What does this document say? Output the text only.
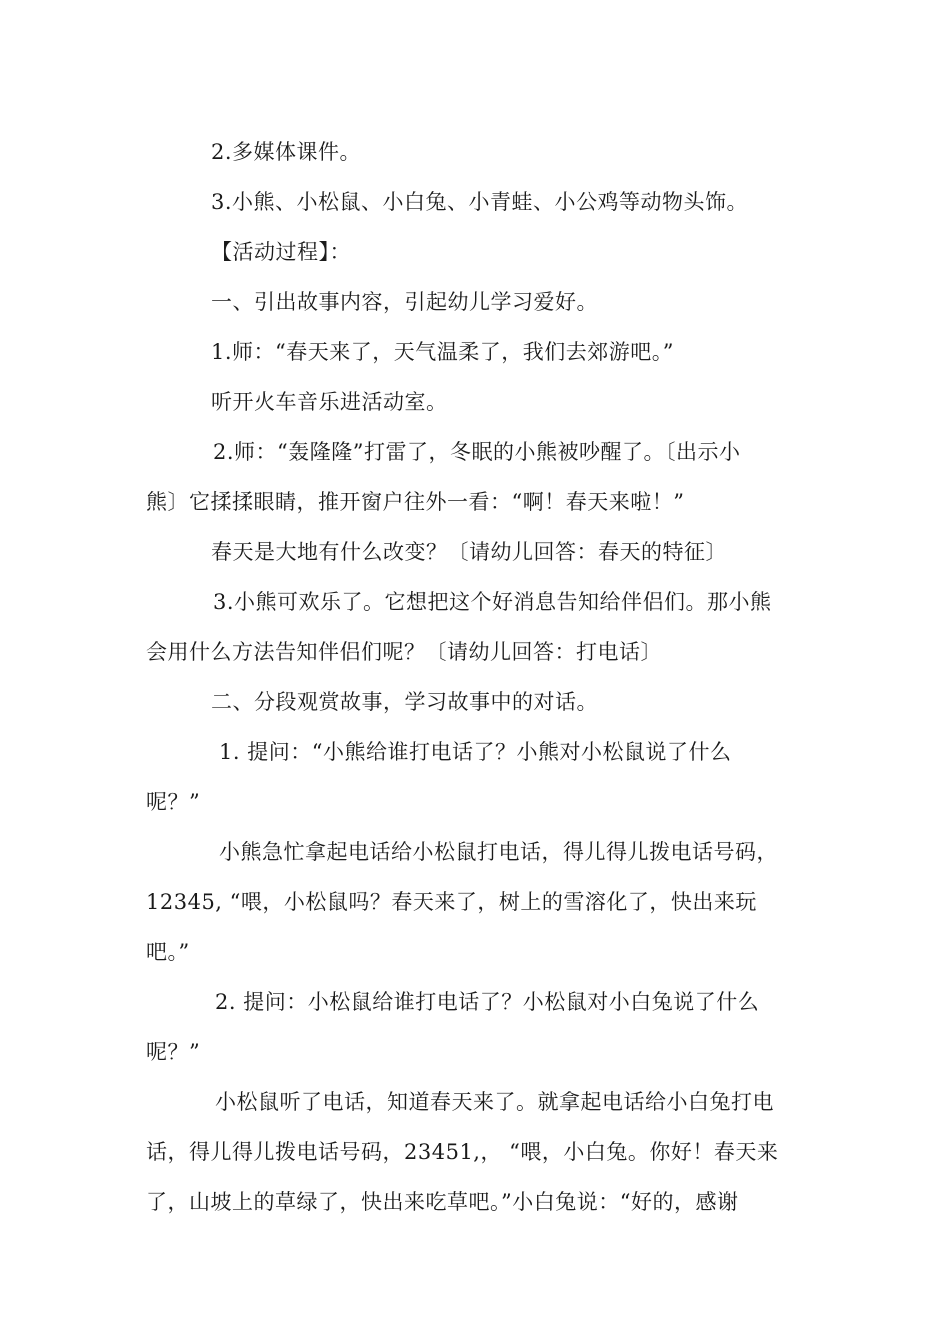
2.多媒体课件。
3.小熊、小松鼠、小白兔、小青蛙、小公鸡等动物头饰。
【活动过程】：
一、引出故事内容，引起幼儿学习爱好。
1.师：“春天来了，天气温柔了，我们去郊游吧。”
听开火车音乐进活动室。
2.师：“轰隆隆”打雷了，冬眠的小熊被吵醒了。〔出示小
熊〕它揉揉眼睛，推开窗户往外一看：“啊！春天来啦！”
春天是大地有什么改变？〔请幼儿回答：春天的特征〕
3.小熊可欢乐了。它想把这个好消息告知给伴侣们。那小熊
会用什么方法告知伴侣们呢？〔请幼儿回答：打电话〕
二、分段观赏故事，学习故事中的对话。
1. 提问：“小熊给谁打电话了？小熊对小松鼠说了什么
呢？”
小熊急忙拿起电话给小松鼠打电话，得儿得儿拨电话号码，
12345, “喂，小松鼠吗？春天来了，树上的雪溶化了，快出来玩
吧。”
2. 提问：小松鼠给谁打电话了？小松鼠对小白兔说了什么
呢？”
小松鼠听了电话，知道春天来了。就拿起电话给小白兔打电
话，得儿得儿拨电话号码，23451,， “喂，小白兔。你好！春天来
了，山坡上的草绿了，快出来吃草吧。”小白兔说：“好的，感谢
